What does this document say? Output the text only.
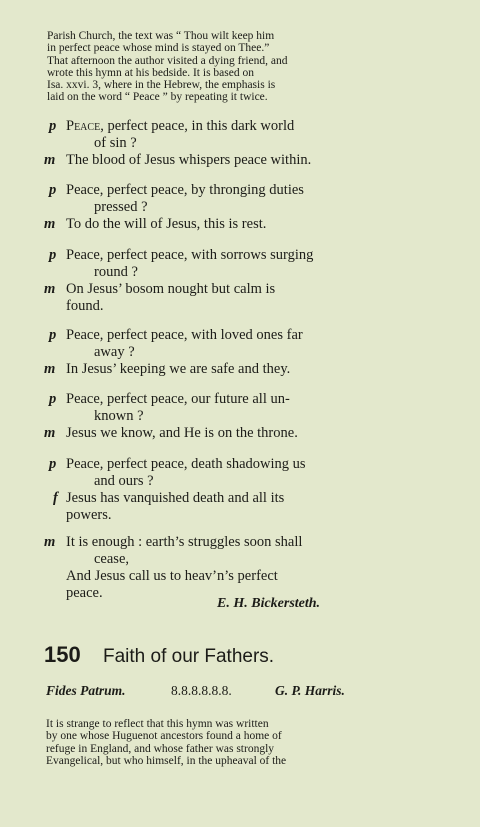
Parish Church, the text was “ Thou wilt keep him
in perfect peace whose mind is stayed on Thee.”
That afternoon the author visited a dying friend, and
wrote this hymn at his bedside. It is based on
Isa. xxvi. 3, where in the Hebrew, the emphasis is
laid on the word “ Peace ” by repeating it twice.
p Peace, perfect peace, in this dark world
of sin ?
m The blood of Jesus whispers peace within.
p Peace, perfect peace, by thronging duties
pressed ?
m To do the will of Jesus, this is rest.
p Peace, perfect peace, with sorrows surging
round ?
m On Jesus’ bosom nought but calm is
found.
p Peace, perfect peace, with loved ones far
away ?
m In Jesus’ keeping we are safe and they.
p Peace, perfect peace, our future all un-
known ?
m Jesus we know, and He is on the throne.
p Peace, perfect peace, death shadowing us
and ours ?
f Jesus has vanquished death and all its
powers.
m It is enough : earth’s struggles soon shall
cease,
And Jesus call us to heav’n’s perfect
peace.
E. H. Bickersteth.
150 Faith of our Fathers.
Fides Patrum.	8.8.8.8.8.8.	G. P. Harris.
It is strange to reflect that this hymn was written
by one whose Huguenot ancestors found a home of
refuge in England, and whose father was strongly
Evangelical, but who himself, in the upheaval of the
